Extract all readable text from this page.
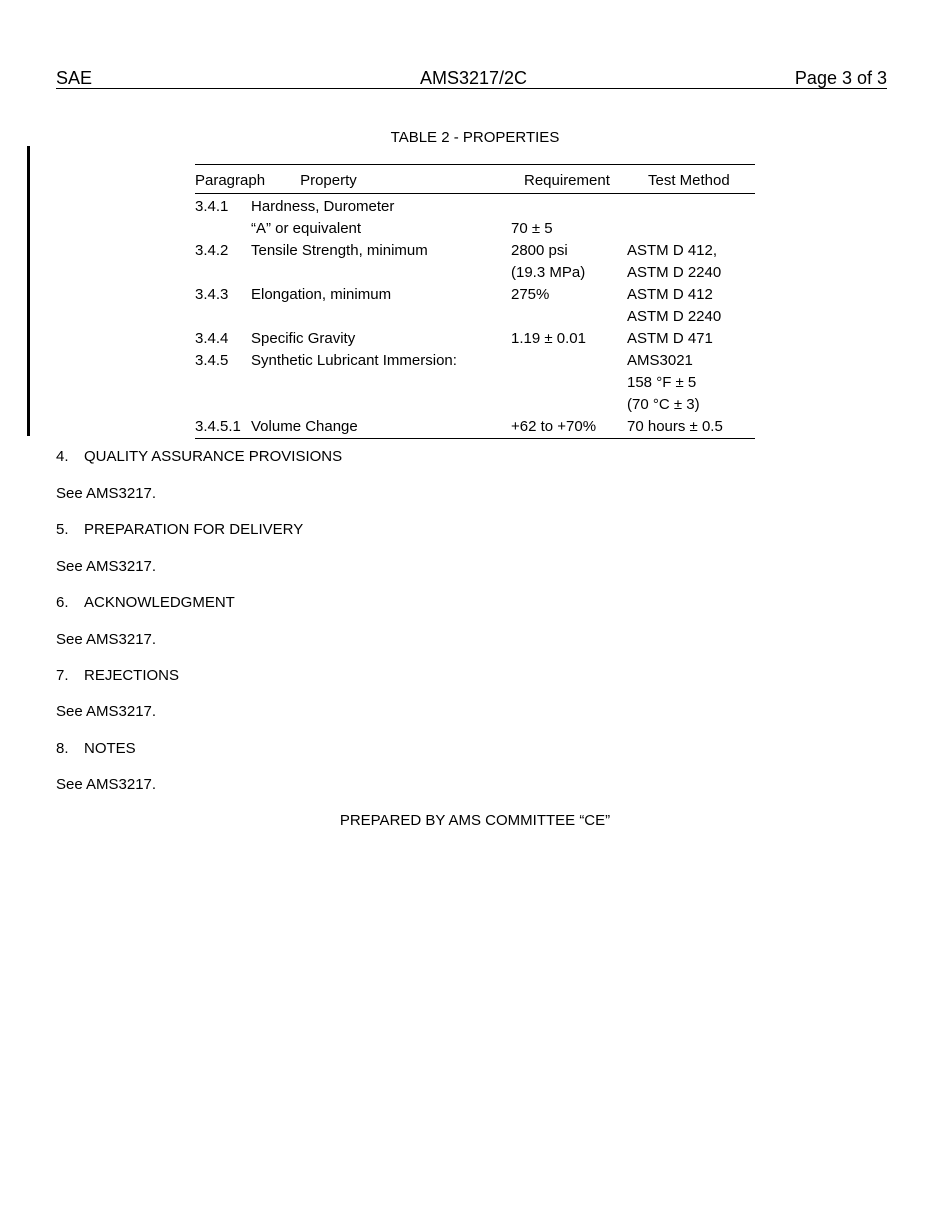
SAE	AMS3217/2C	Page 3 of 3
TABLE 2 - PROPERTIES

Paragraph Property		Requirement	Test Method
3.4.1	Hardness, Durometer		
	“A” or equivalent	70 ± 5	
3.4.2	Tensile Strength, minimum	2800 psi	ASTM D 412,
		(19.3 MPa)	ASTM D 2240
3.4.3	Elongation, minimum	275%	ASTM D 412
			ASTM D 2240
3.4.4	Specific Gravity	1.19 ± 0.01	ASTM D 471
3.4.5	Synthetic Lubricant Immersion:		AMS3021
			158 °F ± 5
			(70 °C ± 3)
3.4.5.1	Volume Change	+62 to +70%	70 hours ± 0.5
4. QUALITY ASSURANCE PROVISIONS
See AMS3217.
5. PREPARATION FOR DELIVERY
See AMS3217.
6. ACKNOWLEDGMENT
See AMS3217.
7. REJECTIONS
See AMS3217.
8. NOTES
See AMS3217.
PREPARED BY AMS COMMITTEE “CE”
